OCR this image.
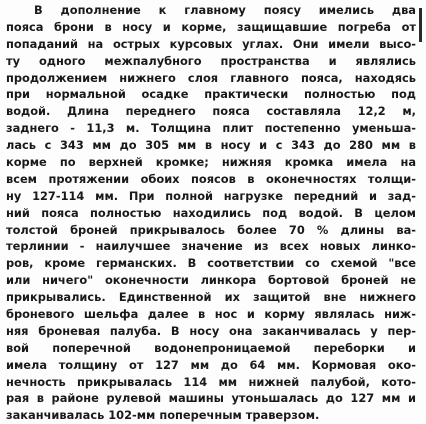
В дополнение к главному поясу имелись два
пояса брони в носу и корме, защищавшие погреба от
попаданий на острых курсовых углах. Они имели высо-
ту одного межпалубного пространства и являлись
продолжением нижнего слоя главного пояса, находясь
при нормальной осадке практически полностью под
водой. Длина переднего пояса составляла 12,2 м,
заднего - 11,3 м. Толщина плит постепенно уменьша-
лась с 343 мм до 305 мм в носу и с 343 до 280 мм в
корме по верхней кромке; нижняя кромка имела на
всем протяжении обоих поясов в оконечностях толщи-
ну 127-114 мм. При полной нагрузке передний и зад-
ний пояса полностью находились под водой. В целом
толстой броней прикрывалось более 70 % длины ва-
терлинии - наилучшее значение из всех новых линко-
ров, кроме германских. В соответствии со схемой "все
или ничего" оконечности линкора бортовой броней не
прикрывались. Единственной их защитой вне нижнего
броневого шельфа далее в нос и корму являлась ниж-
няя броневая палуба. В носу она заканчивалась у пер-
вой поперечной водонепроницаемой переборки и
имела толщину от 127 мм до 64 мм. Кормовая око-
нечность прикрывалась 114 мм нижней палубой, кото-
рая в районе рулевой машины утоньшалась до 127 мм и
заканчивалась 102-мм поперечным траверзом.
